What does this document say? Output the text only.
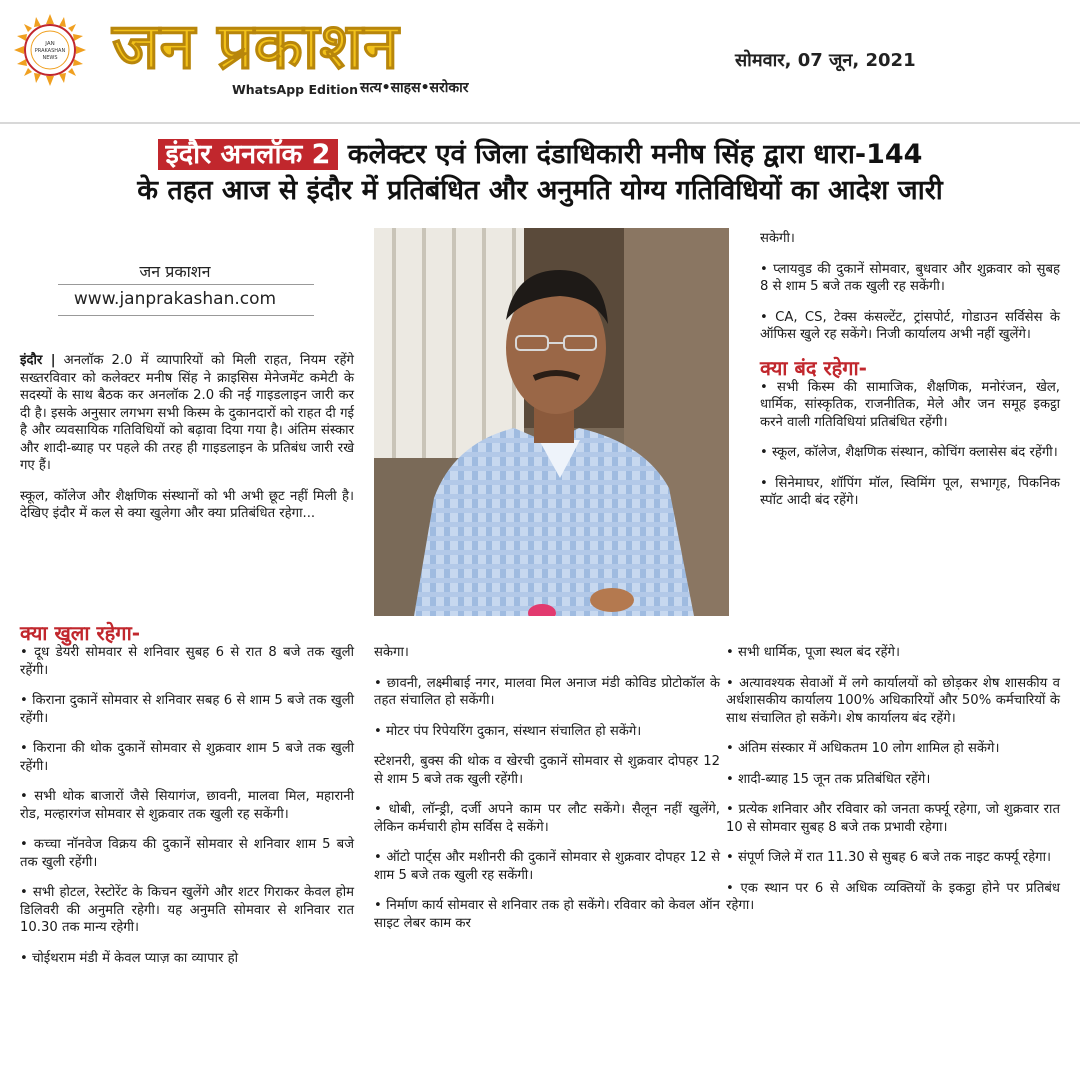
JAN
PRAKASHAN
NEWS जन प्रकाशन
WhatsApp Edition सत्य•साहस•सरोकार
सोमवार, 07 जून, 2021
इंदौर अनलॉक 2 कलेक्टर एवं जिला दंडाधिकारी मनीष सिंह द्वारा धारा-144
के तहत आज से इंदौर में प्रतिबंधित और अनुमति योग्य गतिविधियों का आदेश जारी
जन प्रकाशन
www.janprakashan.com

इंदौर | अनलॉक 2.0 में व्यापारियों को मिली राहत, नियम रहेंगे सख्तरविवार को कलेक्टर मनीष सिंह ने क्राइसिस मेनेजमेंट कमेटी के सदस्यों के साथ बैठक कर अनलॉक 2.0 की नई गाइडलाइन जारी कर दी है। इसके अनुसार लगभग सभी किस्म के दुकानदारों को राहत दी गई है और व्यवसायिक गतिविधियों को बढ़ावा दिया गया है। अंतिम संस्कार और शादी-ब्याह पर पहले की तरह ही गाइडलाइन के प्रतिबंध जारी रखे गए हैं।

स्कूल, कॉलेज और शैक्षणिक संस्थानों को भी अभी छूट नहीं मिली है। देखिए इंदौर में कल से क्या खुलेगा और क्या प्रतिबंधित रहेगा...

क्या खुला रहेगा-

• दूध डेयरी सोमवार से शनिवार सुबह 6 से रात 8 बजे तक खुली रहेंगी।

• किराना दुकानें सोमवार से शनिवार सबह 6 से शाम 5 बजे तक खुली रहेंगी।

• किराना की थोक दुकानें सोमवार से शुक्रवार शाम 5 बजे तक खुली रहेंगी।

• सभी थोक बाजारों जैसे सियागंज, छावनी, मालवा मिल, महारानी रोड, मल्हारगंज सोमवार से शुक्रवार तक खुली रह सकेंगी।

• कच्चा नॉनवेज विक्रय की दुकानें सोमवार से शनिवार शाम 5 बजे तक खुली रहेंगी।

• सभी होटल, रेस्टोरेंट के किचन खुलेंगे और शटर गिराकर केवल होम डिलिवरी की अनुमति रहेगी। यह अनुमति सोमवार से शनिवार रात 10.30 तक मान्य रहेगी।

• चोईथराम मंडी में केवल प्याज़ का व्यापार हो

सकेगा।

• छावनी, लक्ष्मीबाई नगर, मालवा मिल अनाज मंडी कोविड प्रोटोकॉल के तहत संचालित हो सकेंगी।

• मोटर पंप रिपेयरिंग दुकान, संस्थान संचालित हो सकेंगे।

स्टेशनरी, बुक्स की थोक व खेरची दुकानें सोमवार से शुक्रवार दोपहर 12 से शाम 5 बजे तक खुली रहेंगी।

• धोबी, लॉन्ड्री, दर्जी अपने काम पर लौट सकेंगे। सैलून नहीं खुलेंगे, लेकिन कर्मचारी होम सर्विस दे सकेंगे।

• ऑटो पार्ट्स और मशीनरी की दुकानें सोमवार से शुक्रवार दोपहर 12 से शाम 5 बजे तक खुली रह सकेंगी।

• निर्माण कार्य सोमवार से शनिवार तक हो सकेंगे। रविवार को केवल ऑन साइट लेबर काम कर

सकेगी।

• प्लायवुड की दुकानें सोमवार, बुधवार और शुक्रवार को सुबह 8 से शाम 5 बजे तक खुली रह सकेंगी।

• CA, CS, टेक्स कंसल्टेंट, ट्रांसपोर्ट, गोडाउन सर्विसेस के ऑफिस खुले रह सकेंगे। निजी कार्यालय अभी नहीं खुलेंगे।

क्या बंद रहेगा-

• सभी किस्म की सामाजिक, शैक्षणिक, मनोरंजन, खेल, धार्मिक, सांस्कृतिक, राजनीतिक, मेले और जन समूह इकट्ठा करने वाली गतिविधियां प्रतिबंधित रहेंगी।

• स्कूल, कॉलेज, शैक्षणिक संस्थान, कोचिंग क्लासेस बंद रहेंगी।

• सिनेमाघर, शॉपिंग मॉल, स्विमिंग पूल, सभागृह, पिकनिक स्पॉट आदी बंद रहेंगे।

• सभी धार्मिक, पूजा स्थल बंद रहेंगे।

• अत्यावश्यक सेवाओं में लगे कार्यालयों को छोड़कर शेष शासकीय व अर्धशासकीय कार्यालय 100% अधिकारियों और 50% कर्मचारियों के साथ संचालित हो सकेंगे। शेष कार्यालय बंद रहेंगे।

• अंतिम संस्कार में अधिकतम 10 लोग शामिल हो सकेंगे।

• शादी-ब्याह 15 जून तक प्रतिबंधित रहेंगे।

• प्रत्येक शनिवार और रविवार को जनता कर्फ्यू रहेगा, जो शुक्रवार रात 10 से सोमवार सुबह 8 बजे तक प्रभावी रहेगा।

• संपूर्ण जिले में रात 11.30 से सुबह 6 बजे तक नाइट कर्फ्यू रहेगा।

• एक स्थान पर 6 से अधिक व्यक्तियों के इकट्ठा होने पर प्रतिबंध रहेगा।
